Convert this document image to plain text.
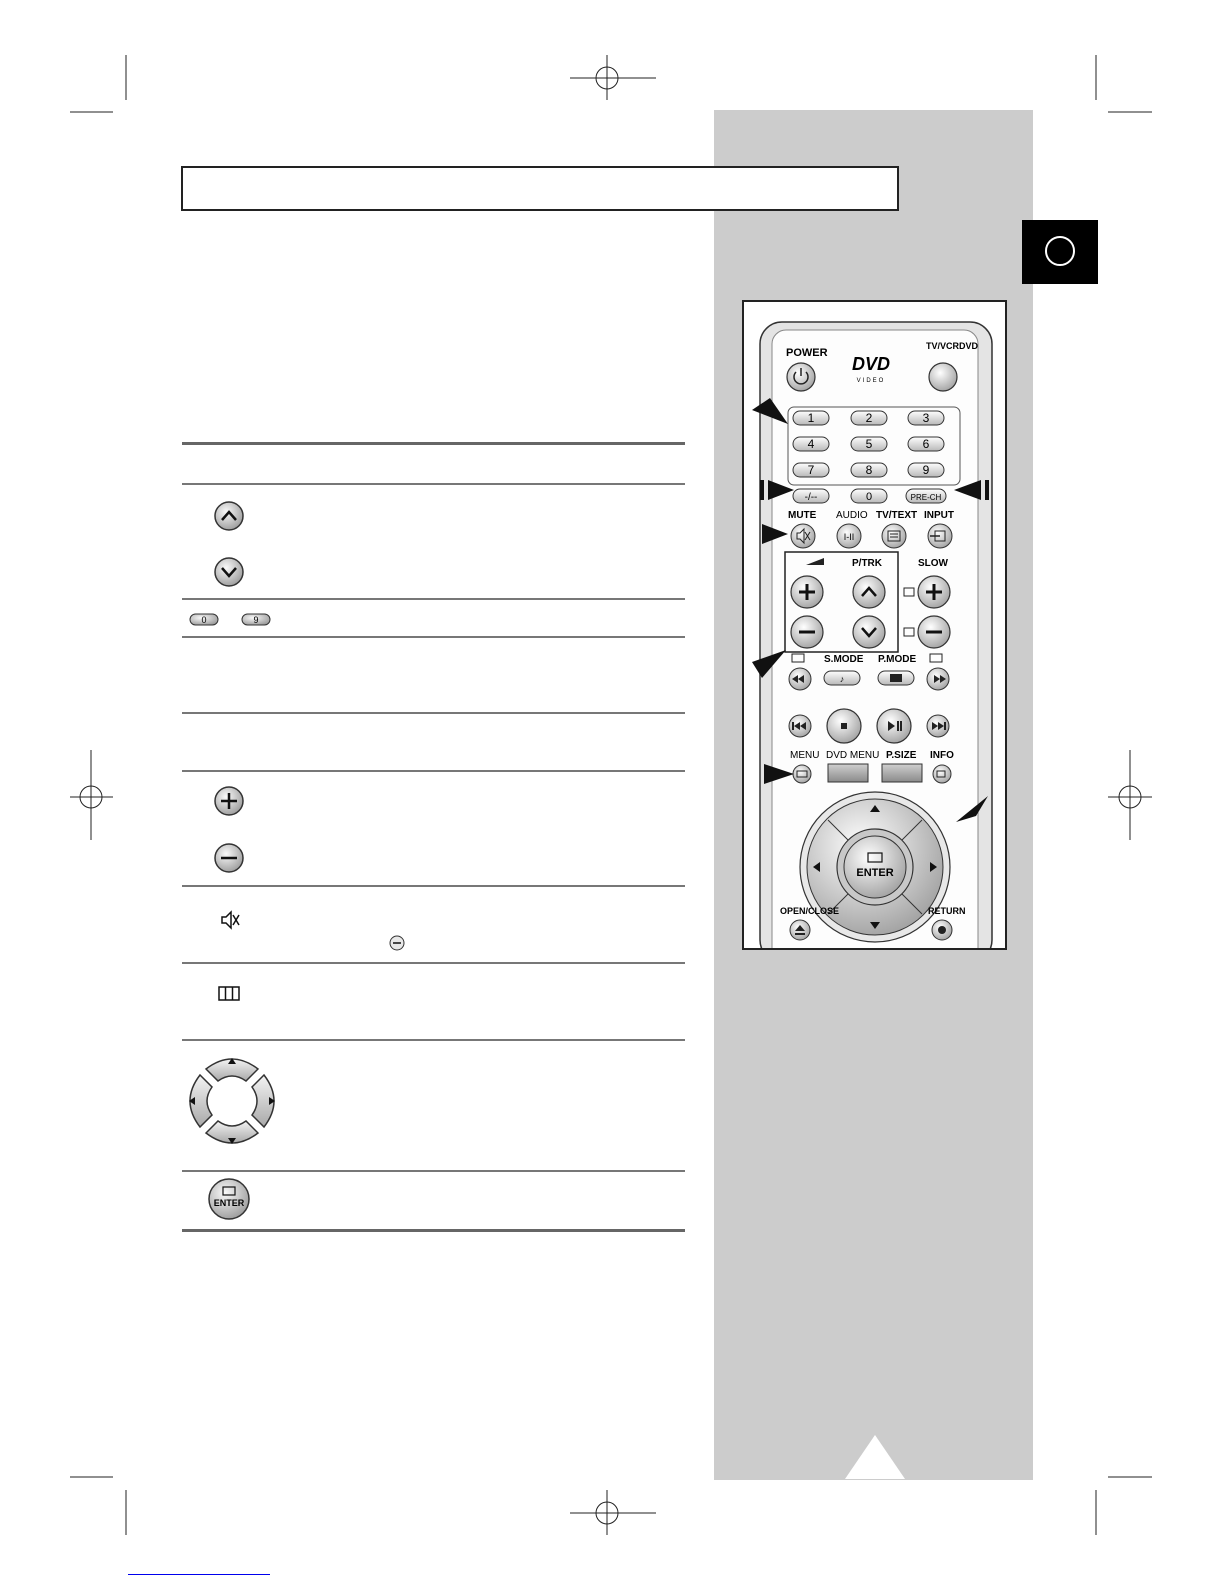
0	9
ENTER
POWER
DVD
VIDEO
TV/VCR DVD
1	2	3
4	5	6
7	8	9
-/--	0	PRE-CH
MUTE AUDIO TV/TEXT INPUT
I-II
P/TRK	SLOW
S.MODE P.MODE
♪
MENU DVD MENU P.SIZE INFO
ENTER
OPEN/CLOSE	RETURN
